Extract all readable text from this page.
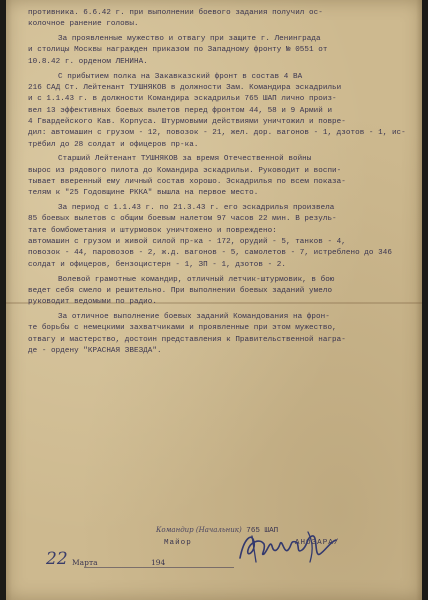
противника. 6.6.42 г. при выполнении боевого задания получил ос-
колочное ранение головы.

За проявленные мужество и отвагу при защите г. Ленинграда
и столицы Москвы награжден приказом по Западному фронту № 0551 от
10.8.42 г. орденом ЛЕНИНА.

С прибытием полка на Закавказский фронт в состав 4 ВА
216 САД Ст. Лейтенант ТУШНЯКОВ в должности Зам. Командира эскадрильи
и с 1.1.43 г. в должности Командира эскадрильи 765 ШАП лично произ-
вел 13 эффективных боевых вылетов перед фронтом 44, 58 и 9 Армий и
4 Гвардейского Кав. Корпуса. Штурмовыми действиями уничтожил и повре-
дил: автомашин с грузом - 12, повозок - 21, жел. дор. вагонов - 1, дзотов - 1, ис-
трёбил до 28 солдат и офицеров пр-ка.

Старший Лейтенант ТУШНЯКОВ за время Отечественной войны
вырос из рядового пилота до Командира эскадрильи. Руководит и воспи-
тывает вверенный ему личный состав хорошо. Эскадрилья по всем показа-
телям к "25 Годовщине РККА" вышла на первое место.

За период с 1.1.43 г. по 21.3.43 г. его эскадрилья произвела
85 боевых вылетов с общим боевым налетом 97 часов 22 мин. В резуль-
тате бомбометания и штурмовок уничтожено и повреждено:
автомашин с грузом и живой силой пр-ка - 172, орудий - 5, танков - 4,
повозок - 44, паровозов - 2, ж.д. вагонов - 5, самолетов - 7, истреблено до 346
солдат и офицеров, бензоцистерн - 1, ЗП - 1, дзотов - 2.

Волевой грамотные командир, отличный летчик-штурмовик, в бою
ведет себя смело и решительно. При выполнении боевых заданий умело
руководит ведомыми по радио.

За отличное выполнение боевых заданий Командования на фрон-
те борьбы с немецкими захватчиками и проявленные при этом мужество,
отвагу и мастерство, достоин представления к Правительственной награ-
де - ордену "КРАСНАЯ ЗВЕЗДА".

Командир (Начальник) 765 ШАП
Майор	АНОЗАРА/
22 Марта	194
